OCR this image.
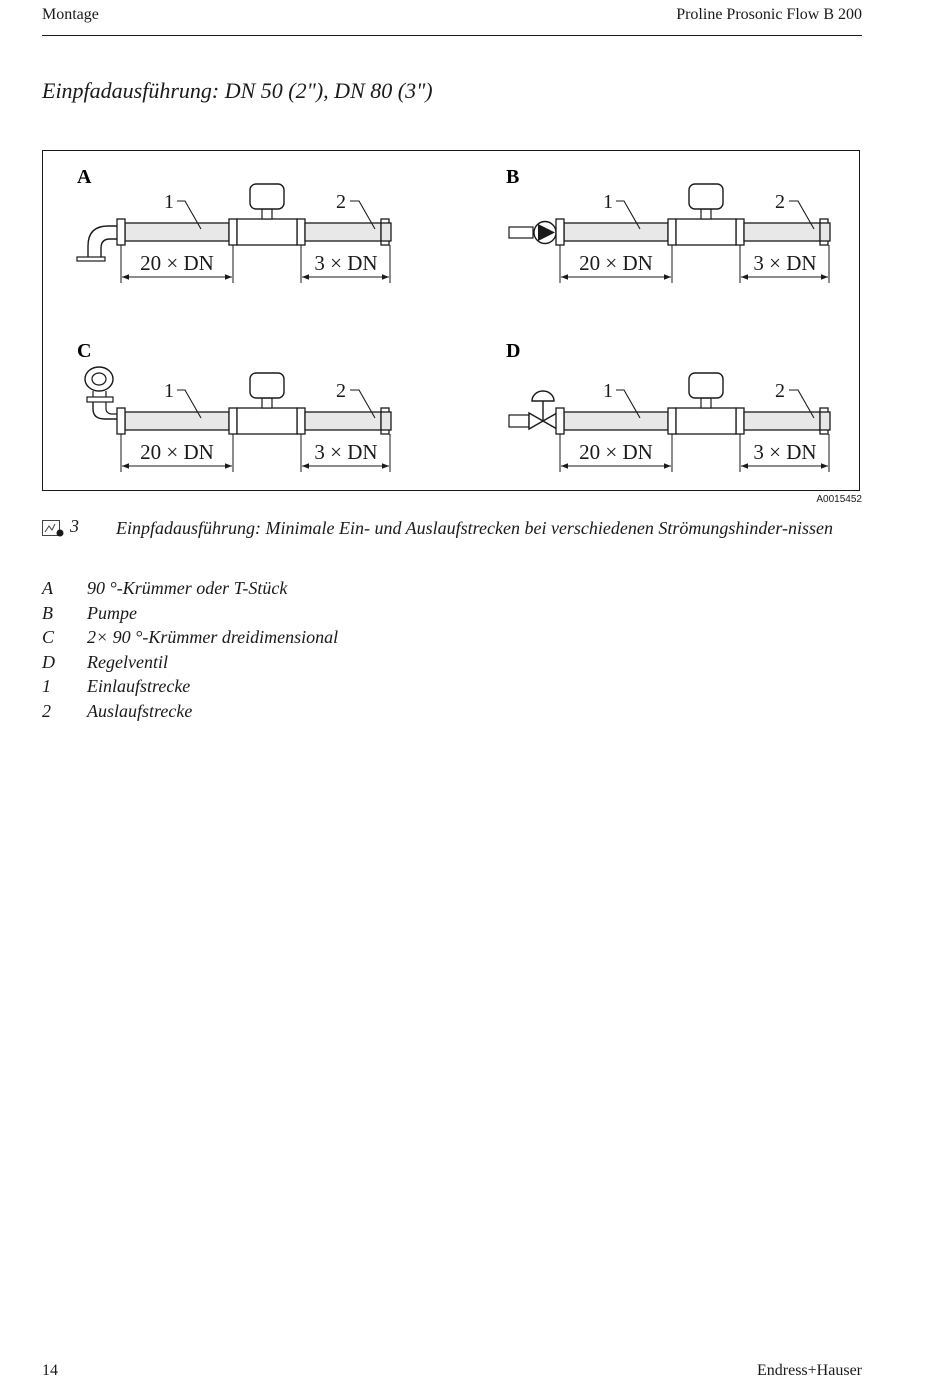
Montage	Proline Prosonic Flow B 200
Einpfadausführung: DN 50 (2"), DN 80 (3")
A	B
C	D
1	2
20 × DN	3 × DN
1	2
20 × DN	3 × DN
1	2
20 × DN	3 × DN
1	2
20 × DN	3 × DN
A0015452
3 Einpfadausführung: Minimale Ein- und Auslaufstrecken bei verschiedenen Strömungshinder-nissen
A 90 °-Krümmer oder T-Stück
B Pumpe
C 2× 90 °-Krümmer dreidimensional
D Regelventil
1 Einlaufstrecke
2 Auslaufstrecke
14	Endress+Hauser
